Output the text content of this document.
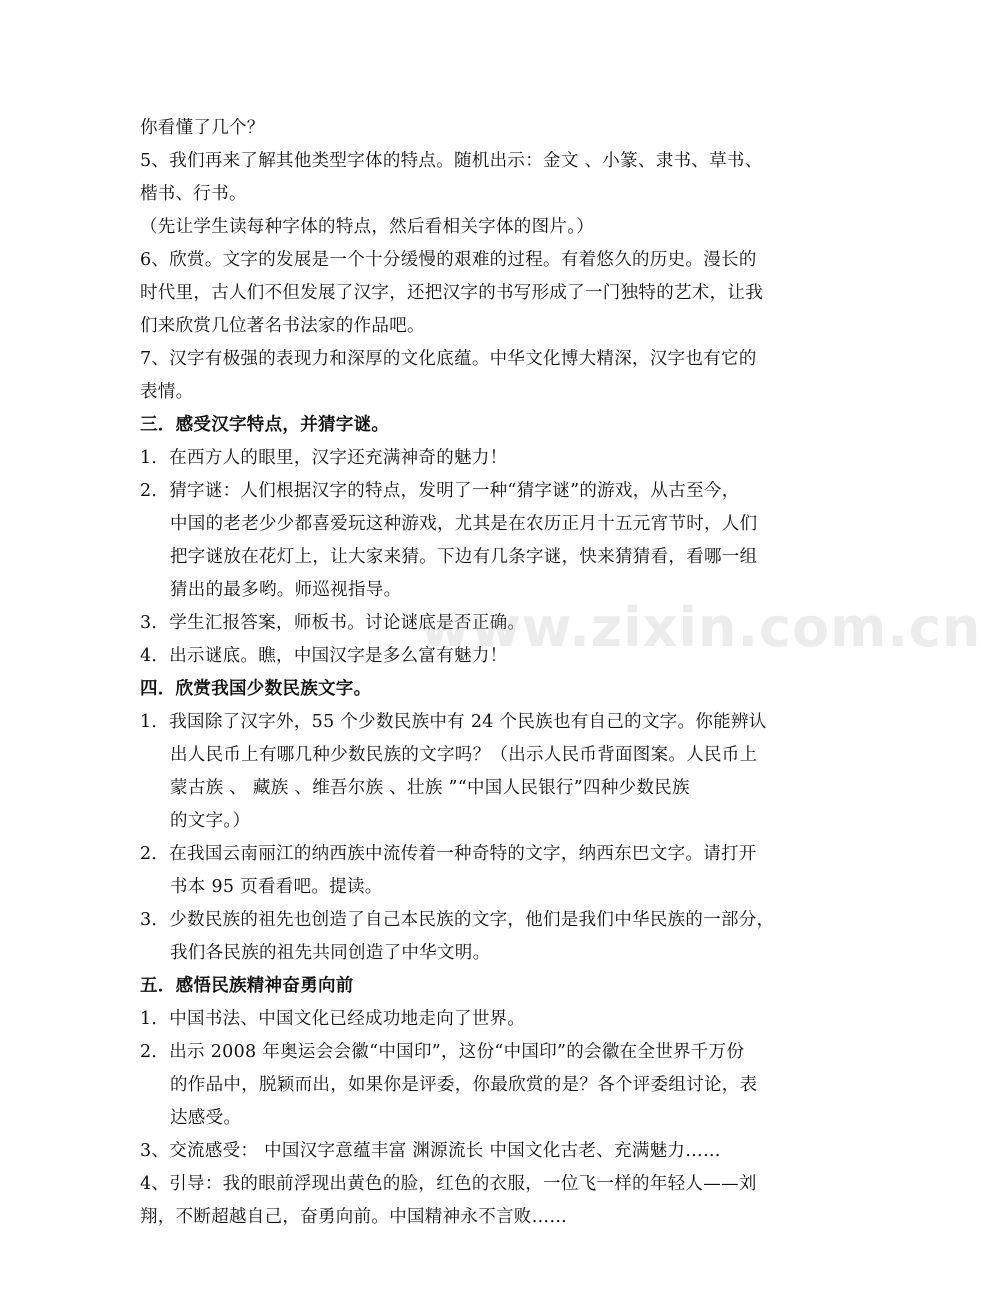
你看懂了几个？
5、我们再来了解其他类型字体的特点。随机出示：金文 、小篆、隶书、草书、
楷书、行书。
（先让学生读每种字体的特点，然后看相关字体的图片。）
6、欣赏。文字的发展是一个十分缓慢的艰难的过程。有着悠久的历史。漫长的
时代里，古人们不但发展了汉字，还把汉字的书写形成了一门独特的艺术，让我
们来欣赏几位著名书法家的作品吧。
7、汉字有极强的表现力和深厚的文化底蕴。中华文化博大精深，汉字也有它的
表情。
三．感受汉字特点，并猜字谜。
1．在西方人的眼里，汉字还充满神奇的魅力！
2．猜字谜：人们根据汉字的特点，发明了一种“猜字谜”的游戏，从古至今，
中国的老老少少都喜爱玩这种游戏，尤其是在农历正月十五元宵节时，人们
把字谜放在花灯上，让大家来猜。下边有几条字谜，快来猜猜看，看哪一组
猜出的最多哟。师巡视指导。
3．学生汇报答案，师板书。讨论谜底是否正确。
4．出示谜底。瞧，中国汉字是多么富有魅力！
四．欣赏我国少数民族文字。
1．我国除了汉字外，55 个少数民族中有 24 个民族也有自己的文字。你能辨认
出人民币上有哪几种少数民族的文字吗？（出示人民币背面图案。人民币上
蒙古族 、 藏族 、维吾尔族 、壮族 ”“中国人民银行”四种少数民族
的文字。）
2．在我国云南丽江的纳西族中流传着一种奇特的文字，纳西东巴文字。请打开
书本 95 页看看吧。提读。
3．少数民族的祖先也创造了自己本民族的文字，他们是我们中华民族的一部分，
我们各民族的祖先共同创造了中华文明。
五．感悟民族精神奋勇向前
1．中国书法、中国文化已经成功地走向了世界。
2．出示 2008 年奥运会会徽“中国印”，这份“中国印”的会徽在全世界千万份
的作品中，脱颖而出，如果你是评委，你最欣赏的是？各个评委组讨论，表
达感受。
3、交流感受： 中国汉字意蕴丰富 渊源流长 中国文化古老、充满魅力……
4、引导：我的眼前浮现出黄色的脸，红色的衣服，一位飞一样的年轻人——刘
翔，不断超越自己，奋勇向前。中国精神永不言败……
www.zixin.com.cn
